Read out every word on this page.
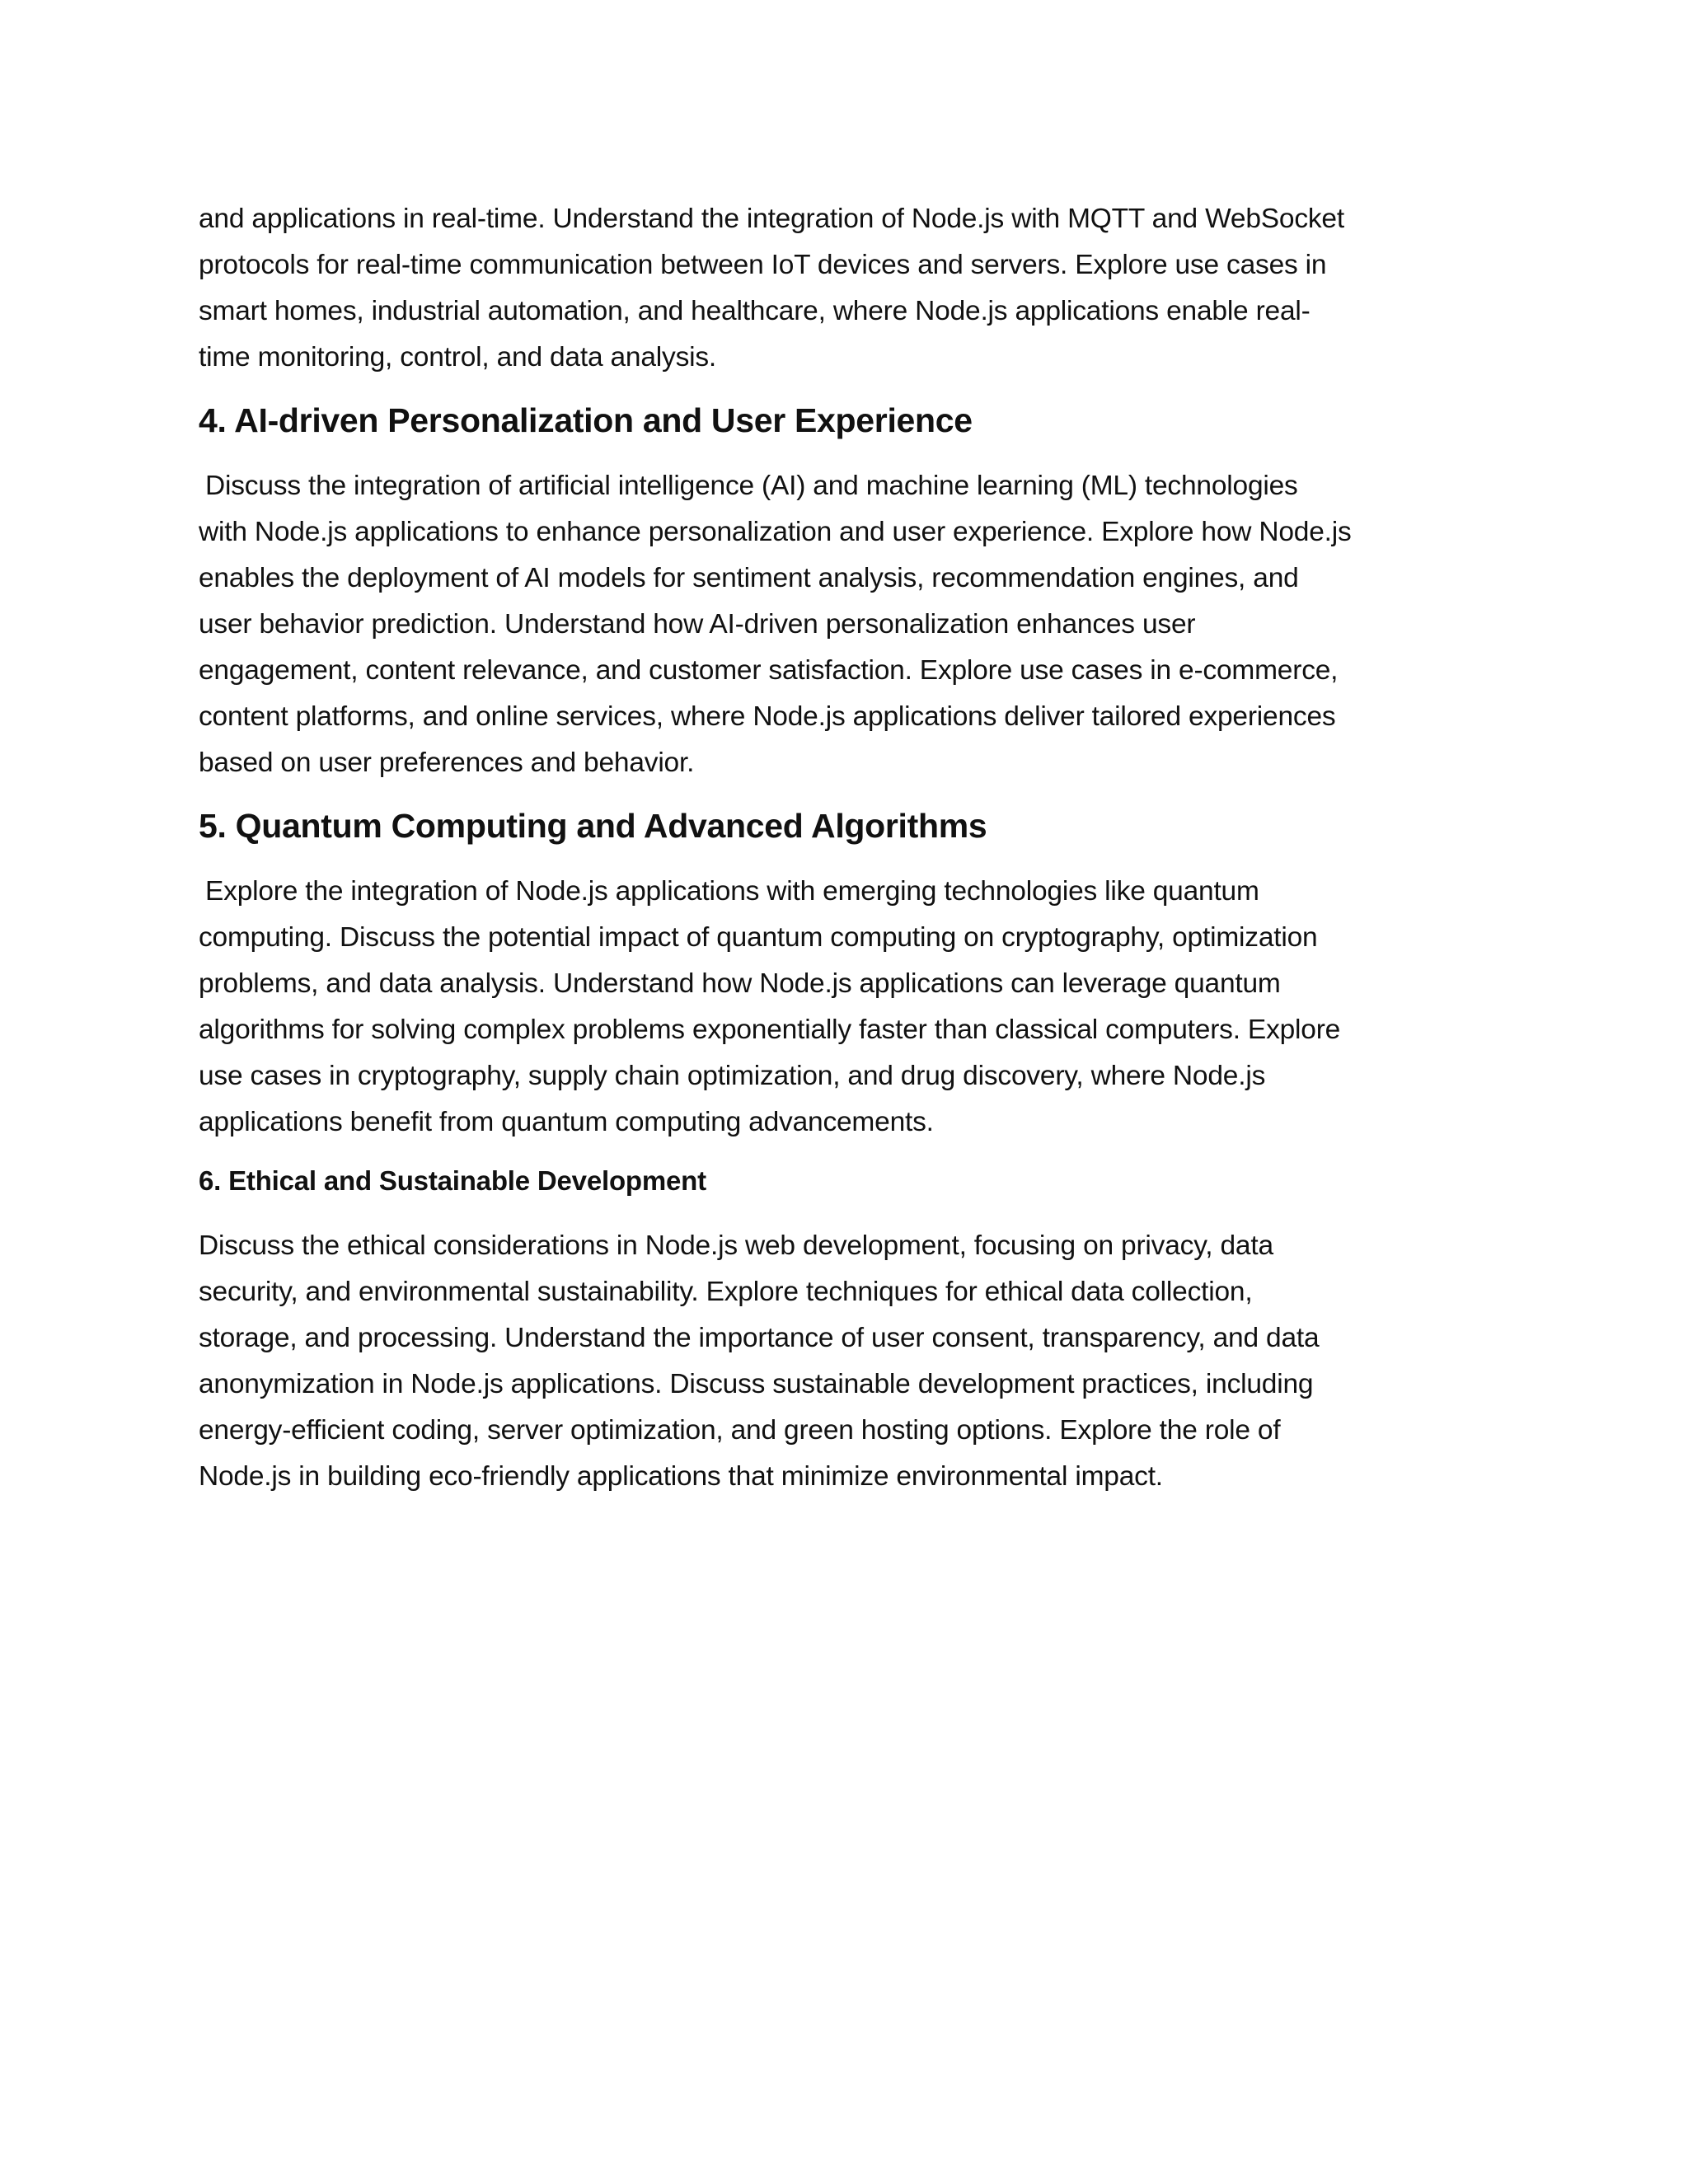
and applications in real-time. Understand the integration of Node.js with MQTT and WebSocket
protocols for real-time communication between IoT devices and servers. Explore use cases in
smart homes, industrial automation, and healthcare, where Node.js applications enable real-
time monitoring, control, and data analysis.

4. AI-driven Personalization and User Experience

Discuss the integration of artificial intelligence (AI) and machine learning (ML) technologies
with Node.js applications to enhance personalization and user experience. Explore how Node.js
enables the deployment of AI models for sentiment analysis, recommendation engines, and
user behavior prediction. Understand how AI-driven personalization enhances user
engagement, content relevance, and customer satisfaction. Explore use cases in e-commerce,
content platforms, and online services, where Node.js applications deliver tailored experiences
based on user preferences and behavior.

5. Quantum Computing and Advanced Algorithms

Explore the integration of Node.js applications with emerging technologies like quantum
computing. Discuss the potential impact of quantum computing on cryptography, optimization
problems, and data analysis. Understand how Node.js applications can leverage quantum
algorithms for solving complex problems exponentially faster than classical computers. Explore
use cases in cryptography, supply chain optimization, and drug discovery, where Node.js
applications benefit from quantum computing advancements.

6. Ethical and Sustainable Development

Discuss the ethical considerations in Node.js web development, focusing on privacy, data
security, and environmental sustainability. Explore techniques for ethical data collection,
storage, and processing. Understand the importance of user consent, transparency, and data
anonymization in Node.js applications. Discuss sustainable development practices, including
energy-efficient coding, server optimization, and green hosting options. Explore the role of
Node.js in building eco-friendly applications that minimize environmental impact.
